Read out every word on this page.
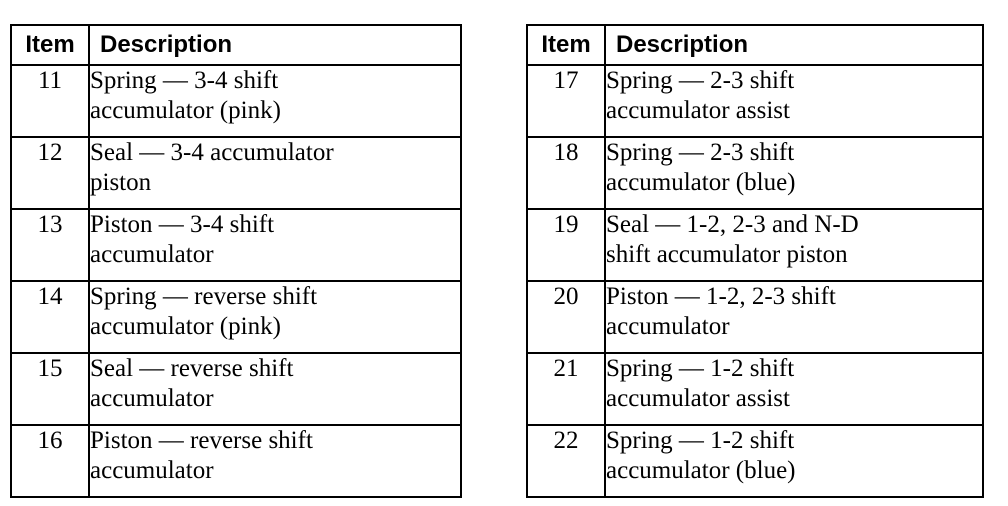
Item	Description
11	Spring — 3-4 shift
accumulator (pink)
12	Seal — 3-4 accumulator
piston
13	Piston — 3-4 shift
accumulator
14	Spring — reverse shift
accumulator (pink)
15	Seal — reverse shift
accumulator
16	Piston — reverse shift
accumulator
Item	Description
17	Spring — 2-3 shift
accumulator assist
18	Spring — 2-3 shift
accumulator (blue)
19	Seal — 1-2, 2-3 and N-D
shift accumulator piston
20	Piston — 1-2, 2-3 shift
accumulator
21	Spring — 1-2 shift
accumulator assist
22	Spring — 1-2 shift
accumulator (blue)
